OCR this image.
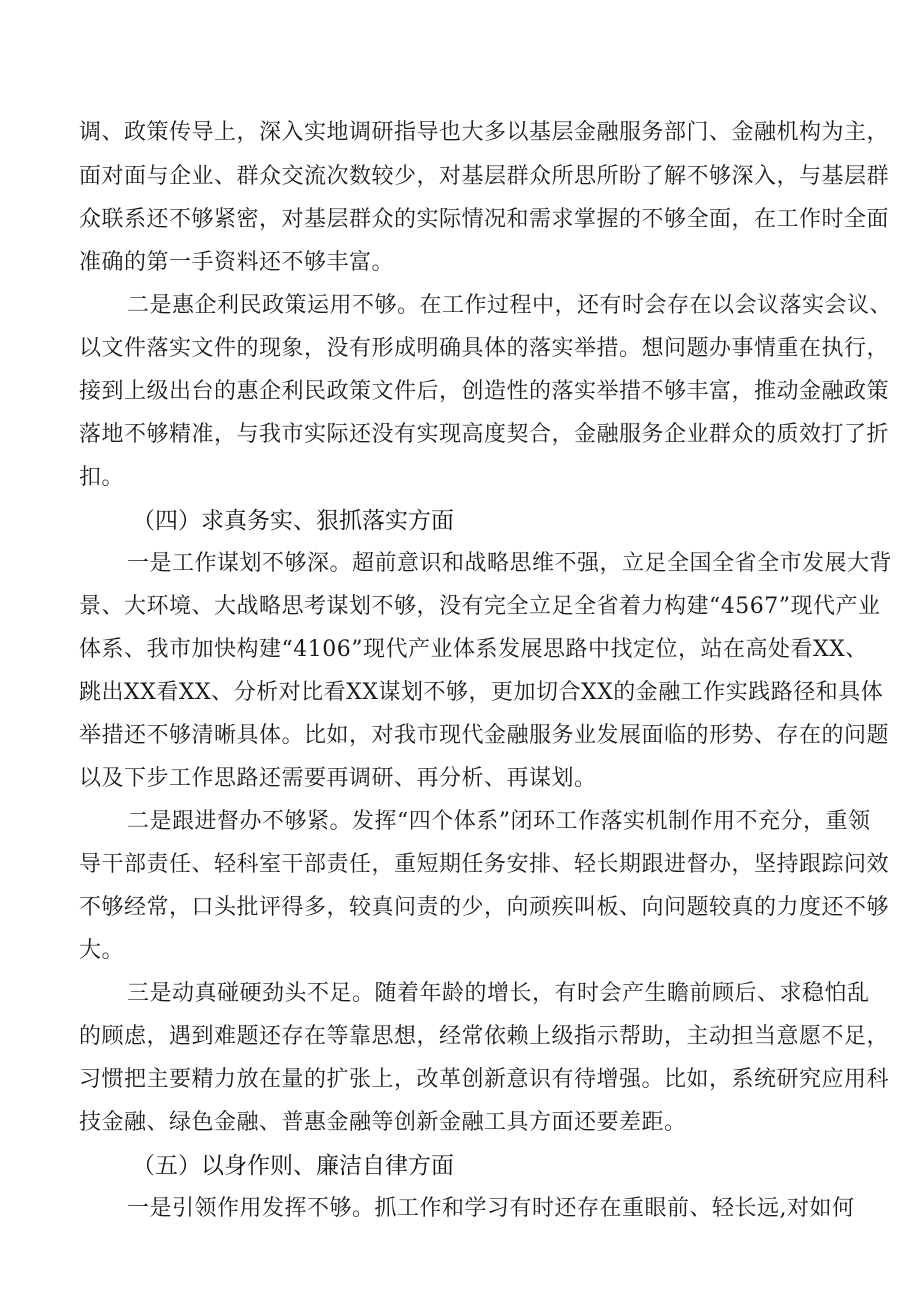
调、政策传导上，深入实地调研指导也大多以基层金融服务部门、金融机构为主，
面对面与企业、群众交流次数较少，对基层群众所思所盼了解不够深入，与基层群
众联系还不够紧密，对基层群众的实际情况和需求掌握的不够全面，在工作时全面
准确的第一手资料还不够丰富。
二是惠企利民政策运用不够。在工作过程中，还有时会存在以会议落实会议、
以文件落实文件的现象，没有形成明确具体的落实举措。想问题办事情重在执行，
接到上级出台的惠企利民政策文件后，创造性的落实举措不够丰富，推动金融政策
落地不够精准，与我市实际还没有实现高度契合，金融服务企业群众的质效打了折
扣。
（四）求真务实、狠抓落实方面
一是工作谋划不够深。超前意识和战略思维不强，立足全国全省全市发展大背
景、大环境、大战略思考谋划不够，没有完全立足全省着力构建“4567”现代产业
体系、我市加快构建“4106”现代产业体系发展思路中找定位，站在高处看XX、
跳出XX看XX、分析对比看XX谋划不够，更加切合XX的金融工作实践路径和具体
举措还不够清晰具体。比如，对我市现代金融服务业发展面临的形势、存在的问题
以及下步工作思路还需要再调研、再分析、再谋划。
二是跟进督办不够紧。发挥“四个体系”闭环工作落实机制作用不充分，重领
导干部责任、轻科室干部责任，重短期任务安排、轻长期跟进督办，坚持跟踪问效
不够经常，口头批评得多，较真问责的少，向顽疾叫板、向问题较真的力度还不够
大。
三是动真碰硬劲头不足。随着年龄的增长，有时会产生瞻前顾后、求稳怕乱
的顾虑，遇到难题还存在等靠思想，经常依赖上级指示帮助，主动担当意愿不足，
习惯把主要精力放在量的扩张上，改革创新意识有待增强。比如，系统研究应用科
技金融、绿色金融、普惠金融等创新金融工具方面还要差距。
（五）以身作则、廉洁自律方面
一是引领作用发挥不够。抓工作和学习有时还存在重眼前、轻长远,对如何
